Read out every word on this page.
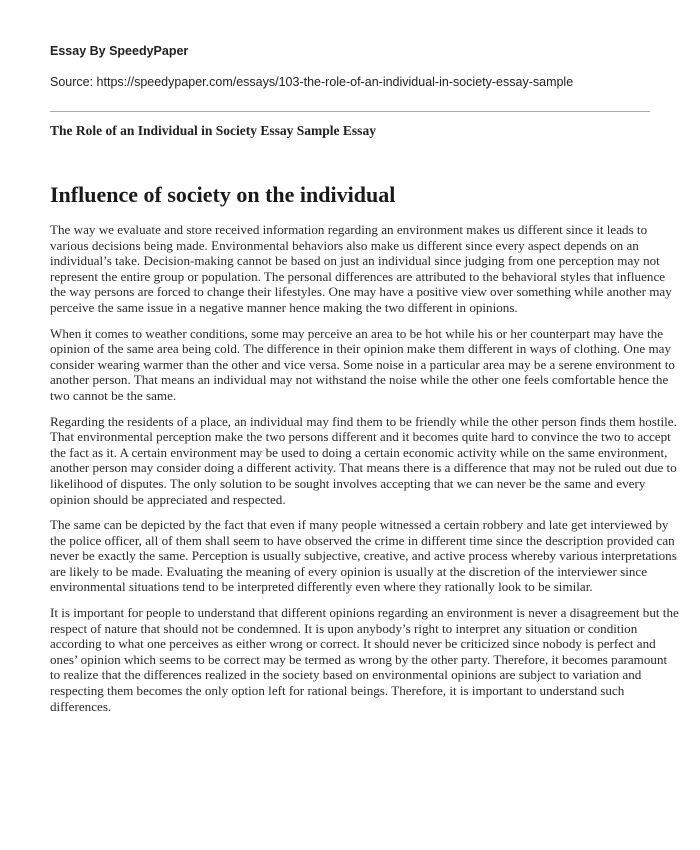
Essay By SpeedyPaper
Source: https://speedypaper.com/essays/103-the-role-of-an-individual-in-society-essay-sample
The Role of an Individual in Society Essay Sample Essay
Influence of society on the individual

The way we evaluate and store received information regarding an environment makes us different since it leads to various decisions being made. Environmental behaviors also make us different since every aspect depends on an individual’s take. Decision-making cannot be based on just an individual since judging from one perception may not represent the entire group or population. The personal differences are attributed to the behavioral styles that influence the way persons are forced to change their lifestyles. One may have a positive view over something while another may perceive the same issue in a negative manner hence making the two different in opinions.

When it comes to weather conditions, some may perceive an area to be hot while his or her counterpart may have the opinion of the same area being cold. The difference in their opinion make them different in ways of clothing. One may consider wearing warmer than the other and vice versa. Some noise in a particular area may be a serene environment to another person. That means an individual may not withstand the noise while the other one feels comfortable hence the two cannot be the same.

Regarding the residents of a place, an individual may find them to be friendly while the other person finds them hostile. That environmental perception make the two persons different and it becomes quite hard to convince the two to accept the fact as it. A certain environment may be used to doing a certain economic activity while on the same environment, another person may consider doing a different activity. That means there is a difference that may not be ruled out due to likelihood of disputes. The only solution to be sought involves accepting that we can never be the same and every opinion should be appreciated and respected.

The same can be depicted by the fact that even if many people witnessed a certain robbery and late get interviewed by the police officer, all of them shall seem to have observed the crime in different time since the description provided can never be exactly the same. Perception is usually subjective, creative, and active process whereby various interpretations are likely to be made. Evaluating the meaning of every opinion is usually at the discretion of the interviewer since environmental situations tend to be interpreted differently even where they rationally look to be similar.

It is important for people to understand that different opinions regarding an environment is never a disagreement but the respect of nature that should not be condemned. It is upon anybody’s right to interpret any situation or condition according to what one perceives as either wrong or correct. It should never be criticized since nobody is perfect and ones’ opinion which seems to be correct may be termed as wrong by the other party. Therefore, it becomes paramount to realize that the differences realized in the society based on environmental opinions are subject to variation and respecting them becomes the only option left for rational beings. Therefore, it is important to understand such differences.
